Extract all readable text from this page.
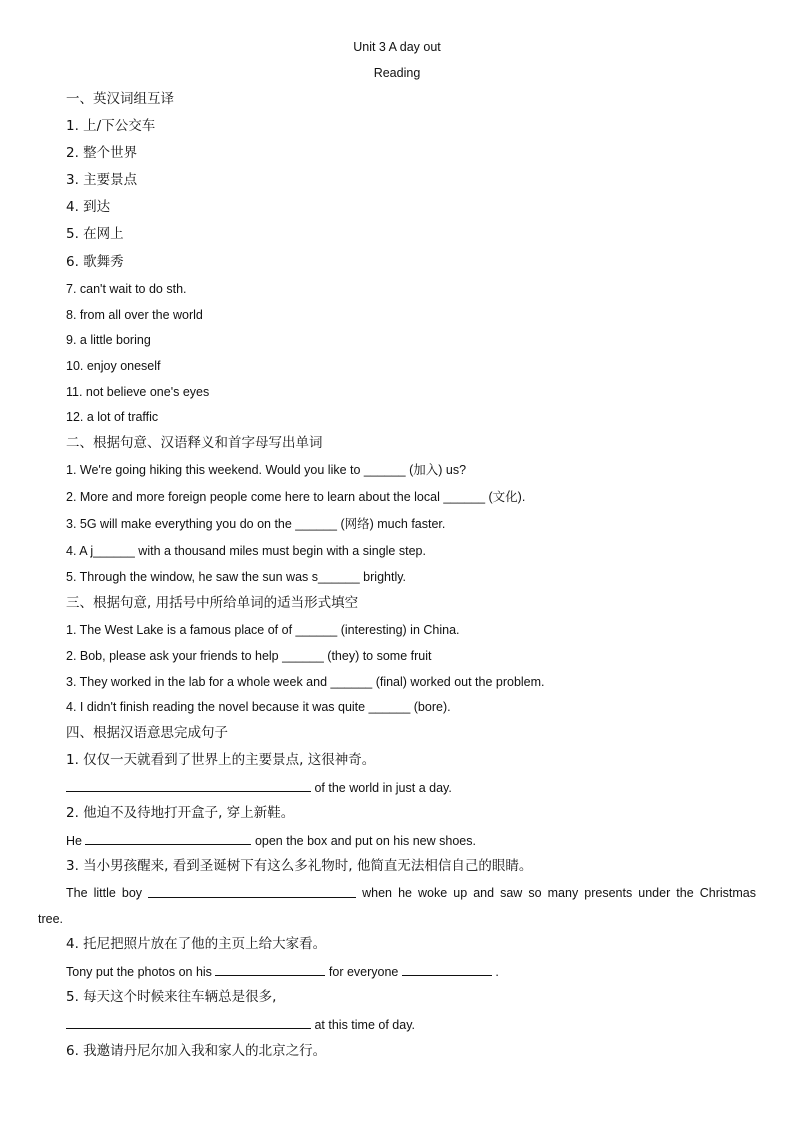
Unit 3 A day out
Reading
一、英汉词组互译
1. 上/下公交车
2. 整个世界
3. 主要景点
4. 到达
5. 在网上
6. 歌舞秀
7. can't wait to do sth.
8. from all over the world
9. a little boring
10. enjoy oneself
11. not believe one's eyes
12. a lot of traffic
二、根据句意、汉语释义和首字母写出单词
1. We're going hiking this weekend. Would you like to ______ (加入) us?
2. More and more foreign people come here to learn about the local ______ (文化).
3. 5G will make everything you do on the ______ (网络) much faster.
4. A j______ with a thousand miles must begin with a single step.
5. Through the window, he saw the sun was s______ brightly.
三、根据句意, 用括号中所给单词的适当形式填空
1. The West Lake is a famous place of of ______ (interesting) in China.
2. Bob, please ask your friends to help ______ (they) to some fruit
3. They worked in the lab for a whole week and ______ (final) worked out the problem.
4. I didn't finish reading the novel because it was quite ______ (bore).
四、根据汉语意思完成句子
1. 仅仅一天就看到了世界上的主要景点, 这很神奇。
of the world in just a day.
2. 他迫不及待地打开盒子, 穿上新鞋。
He	open the box and put on his new shoes.
3. 当小男孩醒来, 看到圣诞树下有这么多礼物时, 他简直无法相信自己的眼睛。
The little boy	when he woke up and saw so many presents under the Christmas
tree.
4. 托尼把照片放在了他的主页上给大家看。
Tony put the photos on his	for everyone	.
5. 每天这个时候来往车辆总是很多,
at this time of day.
6. 我邀请丹尼尔加入我和家人的北京之行。
